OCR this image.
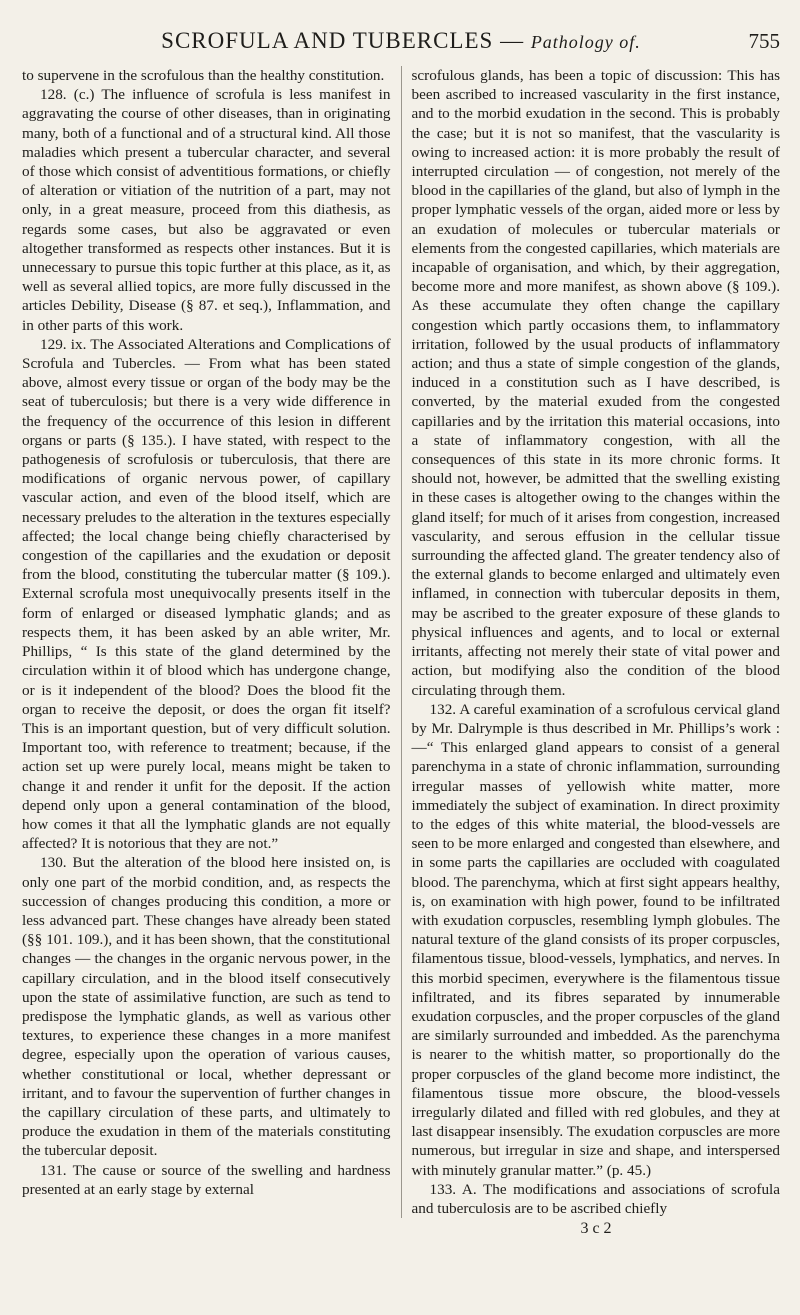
SCROFULA AND TUBERCLES — Pathology of.	755

to supervene in the scrofulous than the healthy constitution.

128. (c.) The influence of scrofula is less manifest in aggravating the course of other diseases, than in originating many, both of a functional and of a structural kind. All those maladies which present a tubercular character, and several of those which consist of adventitious formations, or chiefly of alteration or vitiation of the nutrition of a part, may not only, in a great measure, proceed from this diathesis, as regards some cases, but also be aggravated or even altogether transformed as respects other instances. But it is unnecessary to pursue this topic further at this place, as it, as well as several allied topics, are more fully discussed in the articles Debility, Disease (§ 87. et seq.), Inflammation, and in other parts of this work.

129. ix. The Associated Alterations and Complications of Scrofula and Tubercles. — From what has been stated above, almost every tissue or organ of the body may be the seat of tuberculosis; but there is a very wide difference in the frequency of the occurrence of this lesion in different organs or parts (§ 135.). I have stated, with respect to the pathogenesis of scrofulosis or tuberculosis, that there are modifications of organic nervous power, of capillary vascular action, and even of the blood itself, which are necessary preludes to the alteration in the textures especially affected; the local change being chiefly characterised by congestion of the capillaries and the exudation or deposit from the blood, constituting the tubercular matter (§ 109.). External scrofula most unequivocally presents itself in the form of enlarged or diseased lymphatic glands; and as respects them, it has been asked by an able writer, Mr. Phillips, “ Is this state of the gland determined by the circulation within it of blood which has undergone change, or is it independent of the blood? Does the blood fit the organ to receive the deposit, or does the organ fit itself? This is an important question, but of very difficult solution. Important too, with reference to treatment; because, if the action set up were purely local, means might be taken to change it and render it unfit for the deposit. If the action depend only upon a general contamination of the blood, how comes it that all the lymphatic glands are not equally affected? It is notorious that they are not.”

130. But the alteration of the blood here insisted on, is only one part of the morbid condition, and, as respects the succession of changes producing this condition, a more or less advanced part. These changes have already been stated (§§ 101. 109.), and it has been shown, that the constitutional changes — the changes in the organic nervous power, in the capillary circulation, and in the blood itself consecutively upon the state of assimilative function, are such as tend to predispose the lymphatic glands, as well as various other textures, to experience these changes in a more manifest degree, especially upon the operation of various causes, whether constitutional or local, whether depressant or irritant, and to favour the supervention of further changes in the capillary circulation of these parts, and ultimately to produce the exudation in them of the materials constituting the tubercular deposit.

131. The cause or source of the swelling and hardness presented at an early stage by external

scrofulous glands, has been a topic of discussion: This has been ascribed to increased vascularity in the first instance, and to the morbid exudation in the second. This is probably the case; but it is not so manifest, that the vascularity is owing to increased action: it is more probably the result of interrupted circulation — of congestion, not merely of the blood in the capillaries of the gland, but also of lymph in the proper lymphatic vessels of the organ, aided more or less by an exudation of molecules or tubercular materials or elements from the congested capillaries, which materials are incapable of organisation, and which, by their aggregation, become more and more manifest, as shown above (§ 109.). As these accumulate they often change the capillary congestion which partly occasions them, to inflammatory irritation, followed by the usual products of inflammatory action; and thus a state of simple congestion of the glands, induced in a constitution such as I have described, is converted, by the material exuded from the congested capillaries and by the irritation this material occasions, into a state of inflammatory congestion, with all the consequences of this state in its more chronic forms. It should not, however, be admitted that the swelling existing in these cases is altogether owing to the changes within the gland itself; for much of it arises from congestion, increased vascularity, and serous effusion in the cellular tissue surrounding the affected gland. The greater tendency also of the external glands to become enlarged and ultimately even inflamed, in connection with tubercular deposits in them, may be ascribed to the greater exposure of these glands to physical influences and agents, and to local or external irritants, affecting not merely their state of vital power and action, but modifying also the condition of the blood circulating through them.

132. A careful examination of a scrofulous cervical gland by Mr. Dalrymple is thus described in Mr. Phillips’s work :—“ This enlarged gland appears to consist of a general parenchyma in a state of chronic inflammation, surrounding irregular masses of yellowish white matter, more immediately the subject of examination. In direct proximity to the edges of this white material, the blood-vessels are seen to be more enlarged and congested than elsewhere, and in some parts the capillaries are occluded with coagulated blood. The parenchyma, which at first sight appears healthy, is, on examination with high power, found to be infiltrated with exudation corpuscles, resembling lymph globules. The natural texture of the gland consists of its proper corpuscles, filamentous tissue, blood-vessels, lymphatics, and nerves. In this morbid specimen, everywhere is the filamentous tissue infiltrated, and its fibres separated by innumerable exudation corpuscles, and the proper corpuscles of the gland are similarly surrounded and imbedded. As the parenchyma is nearer to the whitish matter, so proportionally do the proper corpuscles of the gland become more indistinct, the filamentous tissue more obscure, the blood-vessels irregularly dilated and filled with red globules, and they at last disappear insensibly. The exudation corpuscles are more numerous, but irregular in size and shape, and interspersed with minutely granular matter.” (p. 45.)

133. A. The modifications and associations of scrofula and tuberculosis are to be ascribed chiefly

3 c 2
